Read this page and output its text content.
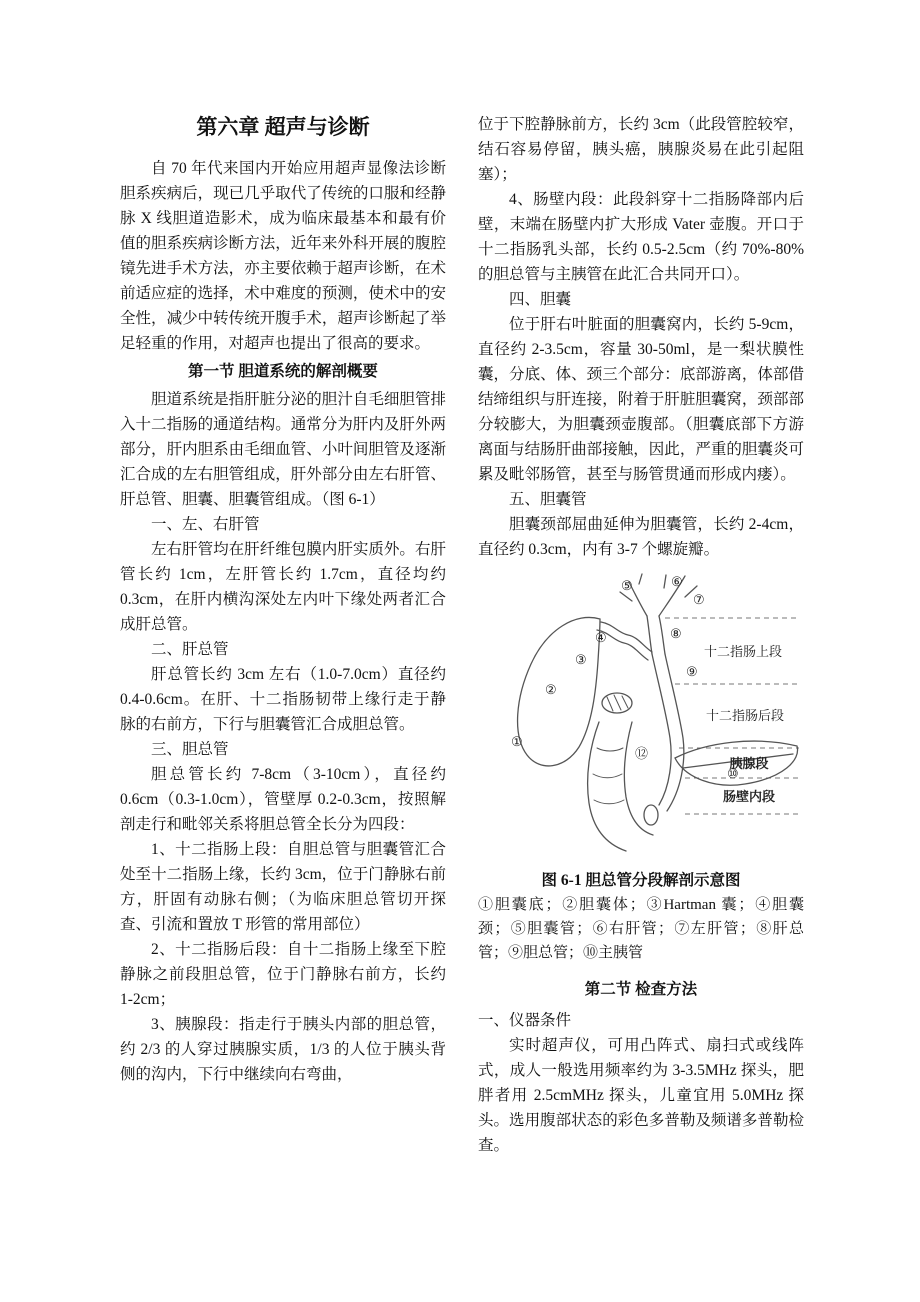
第六章 超声与诊断

自 70 年代来国内开始应用超声显像法诊断胆系疾病后，现已几乎取代了传统的口服和经静脉 X 线胆道造影术，成为临床最基本和最有价值的胆系疾病诊断方法，近年来外科开展的腹腔镜先进手术方法，亦主要依赖于超声诊断，在术前适应症的选择，术中难度的预测，使术中的安全性，减少中转传统开腹手术，超声诊断起了举足轻重的作用，对超声也提出了很高的要求。

第一节 胆道系统的解剖概要

胆道系统是指肝脏分泌的胆汁自毛细胆管排入十二指肠的通道结构。通常分为肝内及肝外两部分，肝内胆系由毛细血管、小叶间胆管及逐渐汇合成的左右胆管组成，肝外部分由左右肝管、肝总管、胆囊、胆囊管组成。（图 6-1）

一、左、右肝管

左右肝管均在肝纤维包膜内肝实质外。右肝管长约 1cm，左肝管长约 1.7cm，直径均约 0.3cm，在肝内横沟深处左内叶下缘处两者汇合成肝总管。

二、肝总管

肝总管长约 3cm 左右（1.0-7.0cm）直径约 0.4-0.6cm。在肝、十二指肠韧带上缘行走于静脉的右前方，下行与胆囊管汇合成胆总管。

三、胆总管

胆总管长约 7-8cm（3-10cm），直径约 0.6cm（0.3-1.0cm），管壁厚 0.2-0.3cm，按照解剖走行和毗邻关系将胆总管全长分为四段：

1、十二指肠上段：自胆总管与胆囊管汇合处至十二指肠上缘，长约 3cm，位于门静脉右前方，肝固有动脉右侧；（为临床胆总管切开探查、引流和置放 T 形管的常用部位）

2、十二指肠后段：自十二指肠上缘至下腔静脉之前段胆总管，位于门静脉右前方，长约 1-2cm；

3、胰腺段：指走行于胰头内部的胆总管，约 2/3 的人穿过胰腺实质，1/3 的人位于胰头背侧的沟内，下行中继续向右弯曲，

位于下腔静脉前方，长约 3cm（此段管腔较窄，结石容易停留，胰头癌，胰腺炎易在此引起阻塞）；

4、肠壁内段：此段斜穿十二指肠降部内后壁，末端在肠壁内扩大形成 Vater 壶腹。开口于十二指肠乳头部，长约 0.5-2.5cm（约 70%-80%的胆总管与主胰管在此汇合共同开口）。

四、胆囊

位于肝右叶脏面的胆囊窝内，长约 5-9cm，直径约 2-3.5cm，容量 30-50ml，是一梨状膜性囊，分底、体、颈三个部分：底部游离，体部借结缔组织与肝连接，附着于肝脏胆囊窝，颈部部分较膨大，为胆囊颈壶腹部。（胆囊底部下方游离面与结肠肝曲部接触，因此，严重的胆囊炎可累及毗邻肠管，甚至与肠管贯通而形成内瘘）。

五、胆囊管

胆囊颈部屈曲延伸为胆囊管，长约 2-4cm，直径约 0.3cm，内有 3-7 个螺旋瓣。

十二指肠上段
十二指肠后段
胰腺段
肠壁内段
①
②
③
④
⑤	⑥
⑦
⑧
⑨
⑩
⑫

图 6-1 胆总管分段解剖示意图

①胆囊底；②胆囊体；③Hartman 囊；④胆囊颈；⑤胆囊管；⑥右肝管；⑦左肝管；⑧肝总管；⑨胆总管；⑩主胰管

第二节 检查方法

一、仪器条件

实时超声仪，可用凸阵式、扇扫式或线阵式，成人一般选用频率约为 3-3.5MHz 探头，肥胖者用 2.5cmMHz 探头，儿童宜用 5.0MHz 探头。选用腹部状态的彩色多普勒及频谱多普勒检查。
